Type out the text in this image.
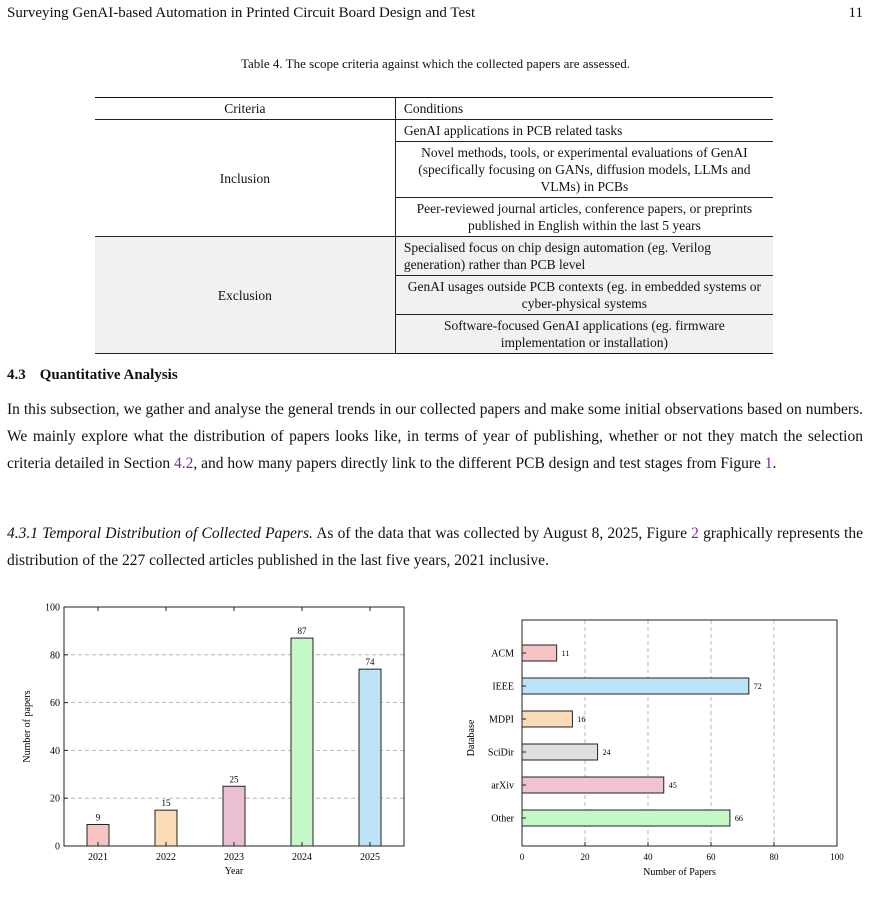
Surveying GenAI-based Automation in Printed Circuit Board Design and Test	11
Table 4. The scope criteria against which the collected papers are assessed.
Criteria	Conditions
Inclusion	GenAI applications in PCB related tasks
	Novel methods, tools, or experimental evaluations of GenAI (specifically focusing on GANs, diffusion models, LLMs and VLMs) in PCBs
	Peer-reviewed journal articles, conference papers, or preprints published in English within the last 5 years
Exclusion	Specialised focus on chip design automation (eg. Verilog generation) rather than PCB level
	GenAI usages outside PCB contexts (eg. in embedded systems or cyber-physical systems
	Software-focused GenAI applications (eg. firmware implementation or installation)
4.3 Quantitative Analysis
In this subsection, we gather and analyse the general trends in our collected papers and make some initial observations based on numbers. We mainly explore what the distribution of papers looks like, in terms of year of publishing, whether or not they match the selection criteria detailed in Section 4.2, and how many papers directly link to the different PCB design and test stages from Figure 1.
4.3.1 Temporal Distribution of Collected Papers. As of the data that was collected by August 8, 2025, Figure 2 graphically represents the distribution of the 227 collected articles published in the last five years, 2021 inclusive.
0
20
40
60
80
100
9
2021
15
2022
25
2023
87
2024
74
2025
Year
Number of papers
0	20	40	60	80	100
11
ACM
72
IEEE
16
MDPI
24
SciDir
45
arXiv
66
Other
Number of Papers
Database
